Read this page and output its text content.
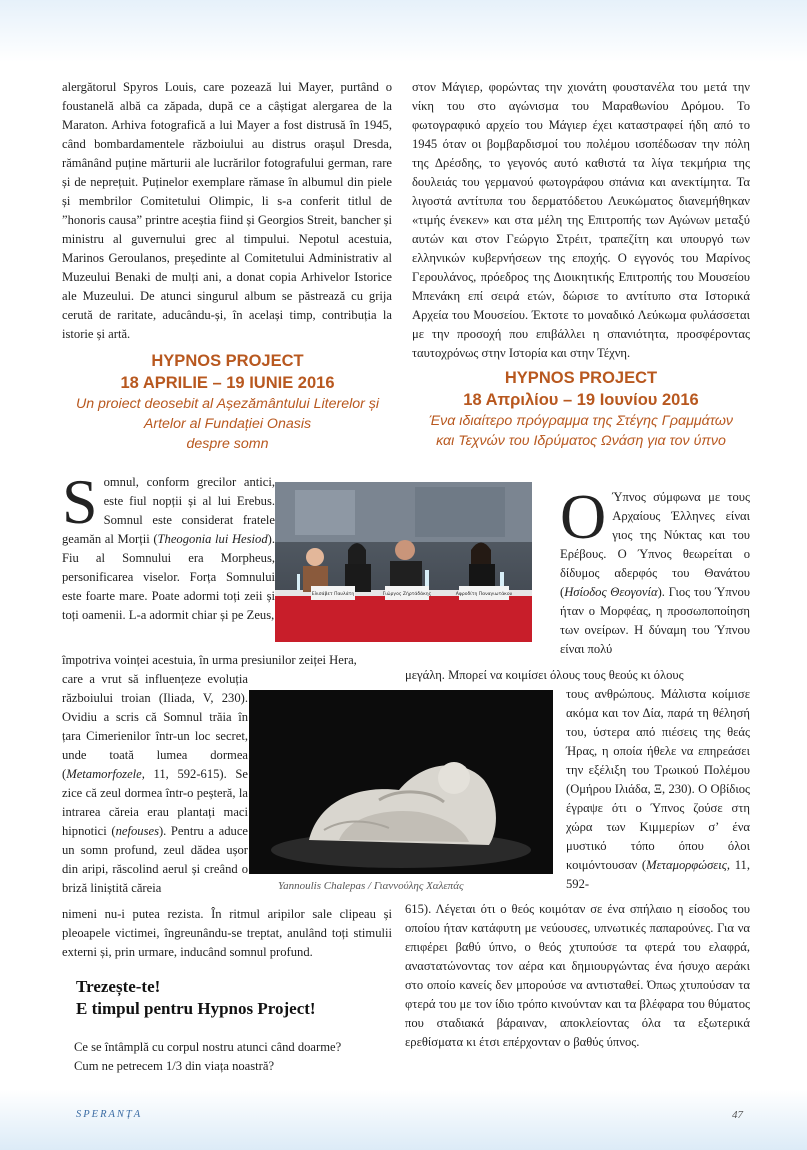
alergătorul Spyros Louis, care pozează lui Mayer, purtând o foustanelă albă ca zăpada, după ce a câștigat alergarea de la Maraton. Arhiva fotografică a lui Mayer a fost distrusă în 1945, când bombardamentele războiului au distrus orașul Dresda, rămânând puține mărturii ale lucrărilor fotografului german, rare și de neprețuit. Puținelor exemplare rămase în albumul din piele și membrilor Comitetului Olimpic, li s-a conferit titlul de ”honoris causa” printre aceștia fiind și Georgios Streit, bancher și ministru al guvernului grec al timpului. Nepotul acestuia, Marinos Geroulanos, președinte al Comitetului Administrativ al Muzeului Benaki de mulți ani, a donat copia Arhivelor Istorice ale Muzeului. De atunci singurul album se păstrează cu grija cerută de raritate, aducându-și, în același timp, contribuția la istorie și artă.

στον Μάγιερ, φορώντας την χιονάτη φουστανέλα του μετά την νίκη του στο αγώνισμα του Μαραθωνίου Δρόμου. Το φωτογραφικό αρχείο του Μάγιερ έχει καταστραφεί ήδη από το 1945 όταν οι βομβαρδισμοί του πολέμου ισοπέδωσαν την πόλη της Δρέσδης, το γεγονός αυτό καθιστά τα λίγα τεκμήρια της δουλειάς του γερμανού φωτογράφου σπάνια και ανεκτίμητα. Τα λιγοστά αντίτυπα του δερματόδετου Λευκώματος διανεμήθηκαν «τιμής ένεκεν» και στα μέλη της Επιτροπής των Αγώνων μεταξύ αυτών και στον Γεώργιο Στρέιτ, τραπεζίτη και υπουργό των ελληνικών κυβερνήσεων της εποχής. Ο εγγονός του Μαρίνος Γερουλάνος, πρόεδρος της Διοικητικής Επιτροπής του Μουσείου Μπενάκη επί σειρά ετών, δώρισε το αντίτυπο στα Ιστορικά Αρχεία του Μουσείου. Έκτοτε το μοναδικό Λεύκωμα φυλάσσεται με την προσοχή που επιβάλλει η σπανιότητα, προσφέροντας ταυτοχρόνως στην Ιστορία και στην Τέχνη.

HYPNOS PROJECT
18 APRILIE – 19 IUNIE 2016
Un proiect deosebit al Așezământului Literelor și
Artelor al Fundației Onasis
despre somn
HYPNOS PROJECT
18 Απριλίου – 19 Ιουνίου 2016
Ένα ιδιαίτερο πρόγραμμα της Στέγης Γραμμάτων
και Τεχνών του Ιδρύματος Ωνάση για τον ύπνο

Somnul, conform grecilor antici, este fiul nopții și al lui Erebus. Somnul este considerat fratele geamăn al Morții (Theogonia lui Hesiod). Fiu al Somnului era Morpheus, personificarea viselor. Forța Somnului este foarte mare. Poate adormi toți zeii și toți oamenii. L-a adormit chiar și pe Zeus,

împotriva voinței acestuia, în urma presiunilor zeiței Hera,

care a vrut să influențeze evoluția războiului troian (Iliada, V, 230). Ovidiu a scris că Somnul trăia în țara Cimerienilor într-un loc secret, unde toată lumea dormea (Metamorfozele, 11, 592-615). Se zice că zeul dormea într-o peșteră, la intrarea căreia erau plantați maci hipnotici (nefouses). Pentru a aduce un somn profund, zeul dădea ușor din aripi, răscolind aerul și creând o briză liniștită căreia

nimeni nu-i putea rezista. În ritmul aripilor sale clipeau și pleoapele victimei, îngreunându-se treptat, anulând toți stimulii externi și, prin urmare, inducând somnul profund.

Ο Ύπνος σύμφωνα με τους Αρχαίους Έλληνες είναι γιος της Νύκτας και του Ερέβους. Ο Ύπνος θεωρείται ο δίδυμος αδερφός του Θανάτου (Ησίοδος Θεογονία). Γιος του Ύπνου ήταν ο Μορφέας, η προσωποποίηση των ονείρων. Η δύναμη του Ύπνου είναι πολύ

μεγάλη. Μπορεί να κοιμίσει όλους τους θεούς κι όλους

τους ανθρώπους. Μάλιστα κοίμισε ακόμα και τον Δία, παρά τη θέλησή του, ύστερα από πιέσεις της θεάς Ήρας, η οποία ήθελε να επηρεάσει την εξέλιξη του Τρωικού Πολέμου (Ομήρου Ιλιάδα, Ξ, 230). Ο Οβίδιος έγραψε ότι ο Ύπνος ζούσε στη χώρα των Κιμμερίων σ’ ένα μυστικό τόπο όπου όλοι κοιμόντουσαν (Μεταμορφώσεις, 11, 592-

615). Λέγεται ότι ο θεός κοιμόταν σε ένα σπήλαιο η είσοδος του οποίου ήταν κατάφυτη με νεύουσες, υπνωτικές παπαρούνες. Για να επιφέρει βαθύ ύπνο, ο θεός χτυπούσε τα φτερά του ελαφρά, αναστατώνοντας τον αέρα και δημιουργώντας ένα ήσυχο αεράκι στο οποίο κανείς δεν μπορούσε να αντισταθεί. Όπως χτυπούσαν τα φτερά του με τον ίδιο τρόπο κινούνταν και τα βλέφαρα του θύματος που σταδιακά βάραιναν, αποκλείοντας όλα τα εξωτερικά ερεθίσματα κι έτσι επέρχονταν ο βαθύς ύπνος.

Ελισάβετ Παυλάτη	Γιώργος Ζήρτάδάκης	Αφροδίτη Παναγιωτάκου
Yannoulis Chalepas / Γιαννούλης Χαλεπάς
Trezește-te!
E timpul pentru Hypnos Project!

Ce se întâmplă cu corpul nostru atunci când doarme?

Cum ne petrecem 1/3 din viața noastră?

SPERANȚA	47
